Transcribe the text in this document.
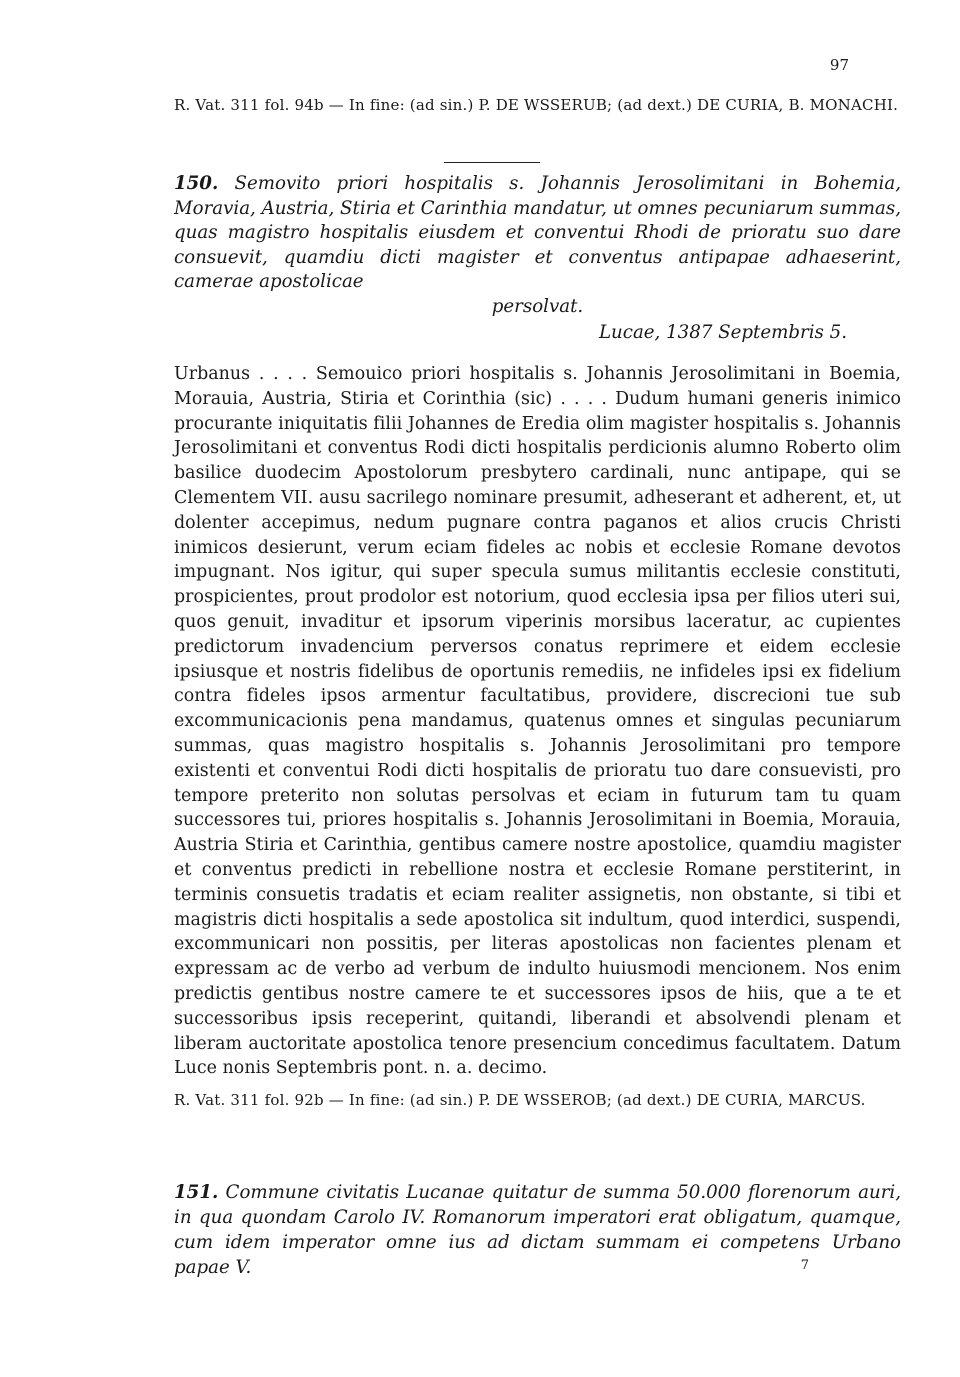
97
R. Vat. 311 fol. 94b — In fine: (ad sin.) P. DE WSSERUB; (ad dext.) DE CURIA, B. MONACHI.
150. Semovito priori hospitalis s. Johannis Jerosolimitani in Bohemia, Moravia, Austria, Stiria et Carinthia mandatur, ut omnes pecuniarum summas, quas magistro hospitalis eiusdem et conventui Rhodi de prioratu suo dare consuevit, quamdiu dicti magister et conventus antipapae adhaeserint, camerae apostolicae
persolvat.
Lucae, 1387 Septembris 5.
Urbanus . . . . Semouico priori hospitalis s. Johannis Jerosolimitani in Boemia, Morauia, Austria, Stiria et Corinthia (sic) . . . . Dudum humani generis inimico procurante iniquitatis filii Johannes de Eredia olim magister hospitalis s. Johannis Jerosolimitani et conventus Rodi dicti hospitalis perdicionis alumno Roberto olim basilice duodecim Apostolorum presbytero cardinali, nunc antipape, qui se Clementem VII. ausu sacrilego nominare presumit, adheserant et adherent, et, ut dolenter accepimus, nedum pugnare contra paganos et alios crucis Christi inimicos desierunt, verum eciam fideles ac nobis et ecclesie Romane devotos impugnant. Nos igitur, qui super specula sumus militantis ecclesie constituti, prospicientes, prout prodolor est notorium, quod ecclesia ipsa per filios uteri sui, quos genuit, invaditur et ipsorum viperinis morsibus laceratur, ac cupientes predictorum invadencium perversos conatus reprimere et eidem ecclesie ipsiusque et nostris fidelibus de oportunis remediis, ne infideles ipsi ex fidelium contra fideles ipsos armentur facultatibus, providere, discrecioni tue sub excommunicacionis pena mandamus, quatenus omnes et singulas pecuniarum summas, quas magistro hospitalis s. Johannis Jerosolimitani pro tempore existenti et conventui Rodi dicti hospitalis de prioratu tuo dare consuevisti, pro tempore preterito non solutas persolvas et eciam in futurum tam tu quam successores tui, priores hospitalis s. Johannis Jerosolimitani in Boemia, Morauia, Austria Stiria et Carinthia, gentibus camere nostre apostolice, quamdiu magister et conventus predicti in rebellione nostra et ecclesie Romane perstiterint, in terminis consuetis tradatis et eciam realiter assignetis, non obstante, si tibi et magistris dicti hospitalis a sede apostolica sit indultum, quod interdici, suspendi, excommunicari non possitis, per literas apostolicas non facientes plenam et expressam ac de verbo ad verbum de indulto huiusmodi mencionem. Nos enim predictis gentibus nostre camere te et successores ipsos de hiis, que a te et successoribus ipsis receperint, quitandi, liberandi et absolvendi plenam et liberam auctoritate apostolica tenore presencium concedimus facultatem. Datum Luce nonis Septembris pont. n. a. decimo.
R. Vat. 311 fol. 92b — In fine: (ad sin.) P. DE WSSEROB; (ad dext.) DE CURIA, MARCUS.
151. Commune civitatis Lucanae quitatur de summa 50.000 florenorum auri, in qua quondam Carolo IV. Romanorum imperatori erat obligatum, quamque, cum idem imperator omne ius ad dictam summam ei competens Urbano papae V.	7
